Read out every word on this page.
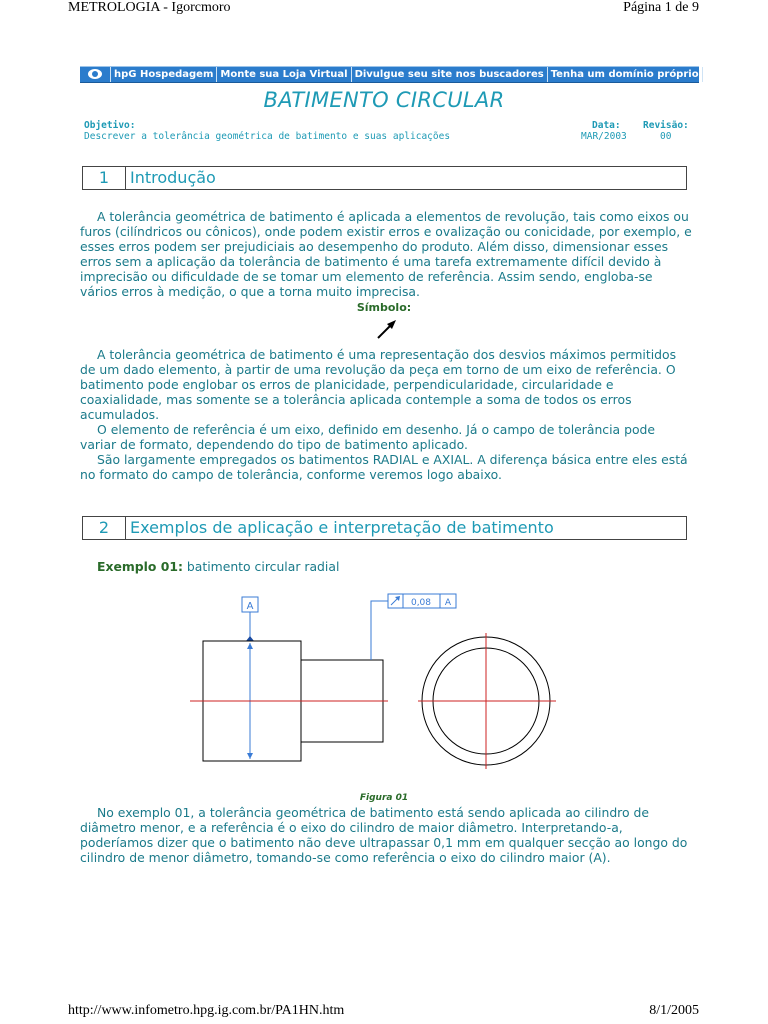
METROLOGIA - Igorcmoro	Página 1 de 9
hpG Hospedagem Monte sua Loja Virtual Divulgue seu site nos buscadores Tenha um domínio próprio A
BATIMENTO CIRCULAR
Objetivo:
Descrever a tolerância geométrica de batimento e suas aplicações
Data:
MAR/2003
Revisão:
00
1	Introdução

A tolerância geométrica de batimento é aplicada a elementos de revolução, tais como eixos ou furos (cilíndricos ou cônicos), onde podem existir erros e ovalização ou conicidade, por exemplo, e esses erros podem ser prejudiciais ao desempenho do produto. Além disso, dimensionar esses erros sem a aplicação da tolerância de batimento é uma tarefa extremamente difícil devido à imprecisão ou dificuldade de se tomar um elemento de referência. Assim sendo, engloba-se vários erros à medição, o que a torna muito imprecisa.

Símbolo:

A tolerância geométrica de batimento é uma representação dos desvios máximos permitidos de um dado elemento, à partir de uma revolução da peça em torno de um eixo de referência. O batimento pode englobar os erros de planicidade, perpendicularidade, circularidade e coaxialidade, mas somente se a tolerância aplicada contemple a soma de todos os erros acumulados.

O elemento de referência é um eixo, definido em desenho. Já o campo de tolerância pode variar de formato, dependendo do tipo de batimento aplicado.

São largamente empregados os batimentos RADIAL e AXIAL. A diferença básica entre eles está no formato do campo de tolerância, conforme veremos logo abaixo.

2	Exemplos de aplicação e interpretação de batimento
Exemplo 01: batimento circular radial
A	0,08 A
Figura 01

No exemplo 01, a tolerância geométrica de batimento está sendo aplicada ao cilindro de diâmetro menor, e a referência é o eixo do cilindro de maior diâmetro. Interpretando-a, poderíamos dizer que o batimento não deve ultrapassar 0,1 mm em qualquer secção ao longo do cilindro de menor diâmetro, tomando-se como referência o eixo do cilindro maior (A).

http://www.infometro.hpg.ig.com.br/PA1HN.htm	8/1/2005
